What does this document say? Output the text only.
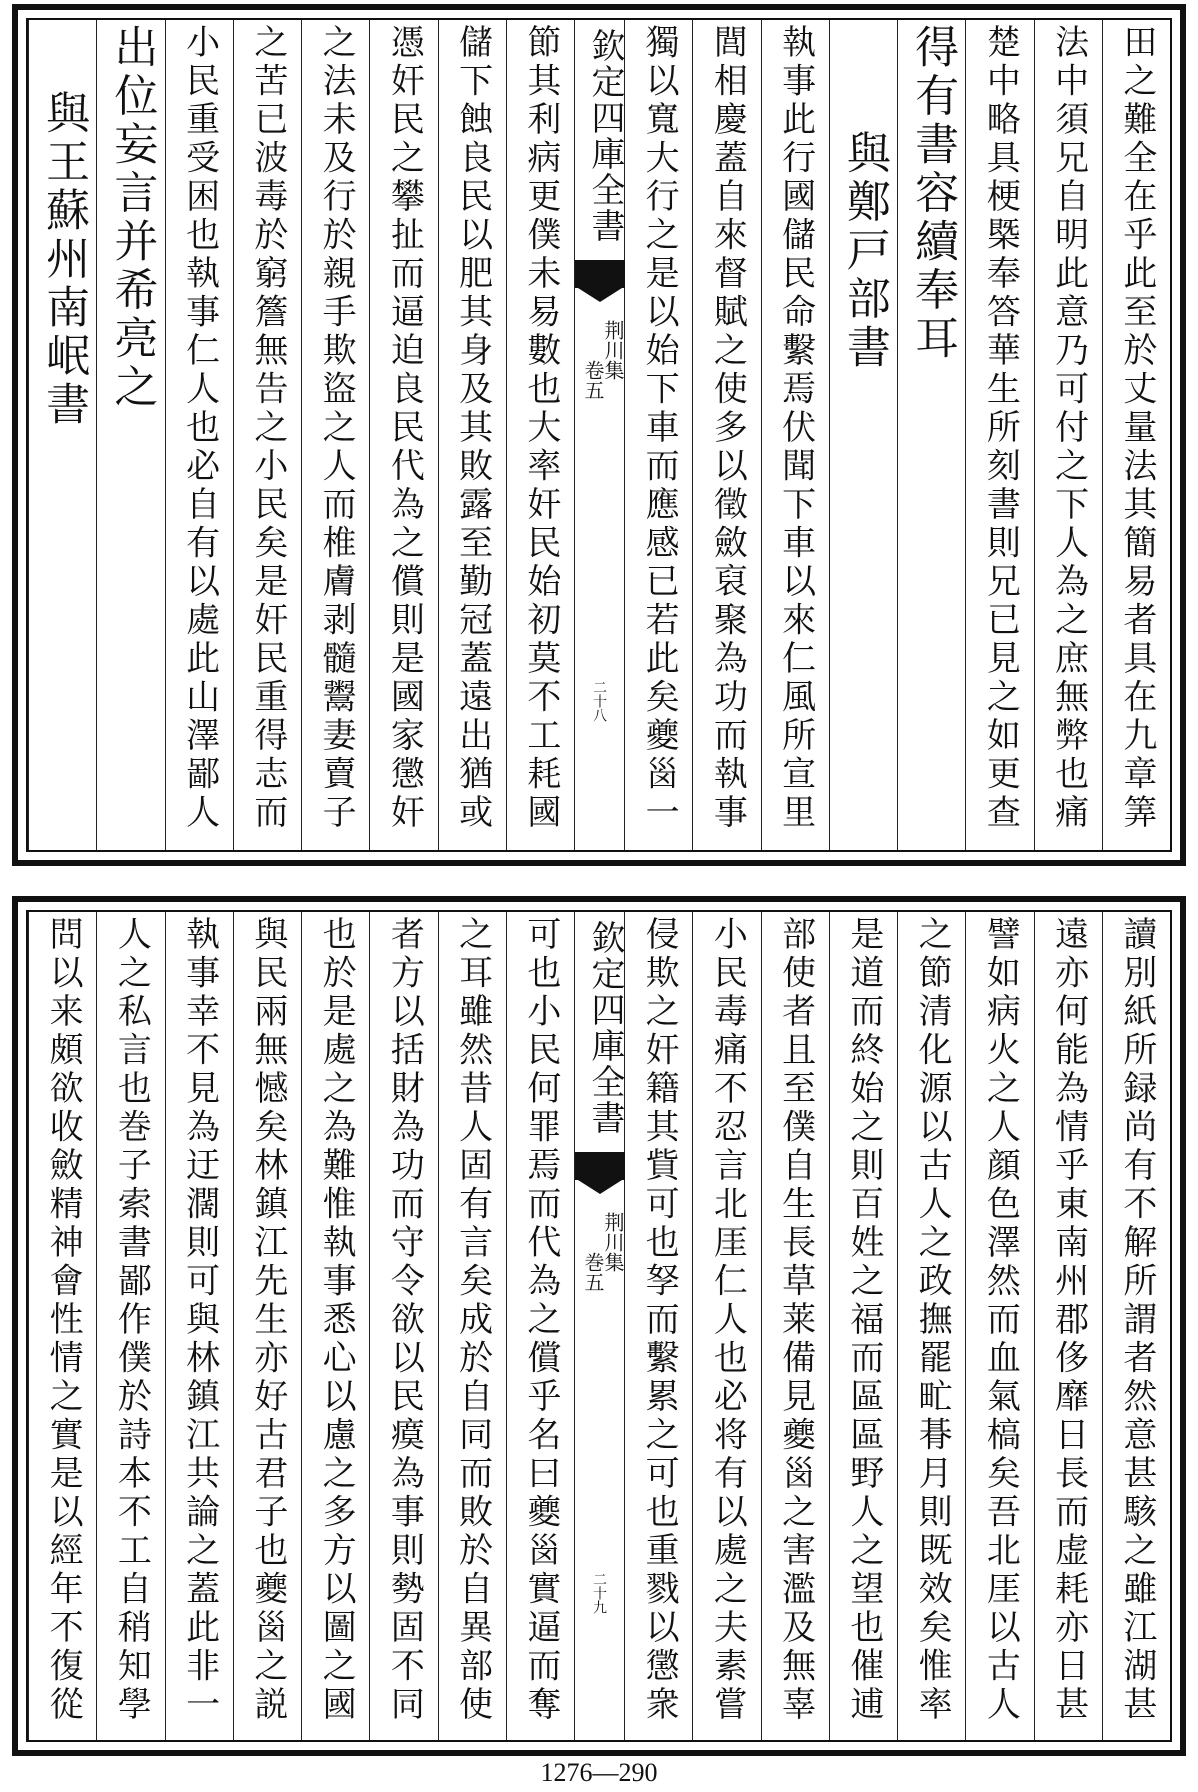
田之難全在乎此至於丈量法其簡易者具在九章筭
法中須兄自明此意乃可付之下人為之庶無弊也痛
楚中略具梗槩奉答華生所刻書則兄已見之如更查
得有書容續奉耳
與鄭戸部書
執事此行國儲民命繫焉伏聞下車以來仁風所宣里
閭相慶蓋自來督賦之使多以徵斂裒聚為功而執事
獨以寬大行之是以始下車而應感已若此矣夔𡿺一
欽定四庫全書
荆川集
卷五
二十八
節其利病更僕未易數也大率奸民始初莫不工耗國
儲下蝕良民以肥其身及其敗露至勤冠蓋遠出猶或
憑奸民之攀扯而逼迫良民代為之償則是國家懲奸
之法未及行於親手欺盜之人而椎膚剥髓鬻妻賣子
之苦已波毒於窮簷無告之小民矣是奸民重得志而
小民重受困也執事仁人也必自有以處此山澤鄙人
出位妄言并希亮之
與王蘇州南岷書
讀別紙所録尚有不解所謂者然意甚駭之雖江湖甚
遠亦何能為情乎東南州郡侈靡日長而虚耗亦日甚
譬如病火之人顔色澤然而血氣槁矣吾北厓以古人
之節清化源以古人之政撫罷甿朞月則既效矣惟率
是道而終始之則百姓之福而區區野人之望也催逋
部使者且至僕自生長草莱備見夔𡿺之害濫及無辜
小民毒痛不忍言北厓仁人也必将有以處之夫素嘗
侵欺之奸籍其貲可也孥而繫累之可也重戮以懲衆
欽定四庫全書
荆川集
巻五
二十九
可也小民何罪焉而代為之償乎名曰夔𡿺實逼而奪
之耳雖然昔人固有言矣成於自同而敗於自異部使
者方以括財為功而守令欲以民瘼為事則勢固不同
也於是處之為難惟執事悉心以慮之多方以圖之國
與民兩無憾矣林鎮江先生亦好古君子也夔𡿺之説
執事幸不見為迂濶則可與林鎮江共論之蓋此非一
人之私言也巻子索書鄙作僕於詩本不工自稍知學
問以来頗欲收斂精神會性情之實是以經年不復從
1276—290
